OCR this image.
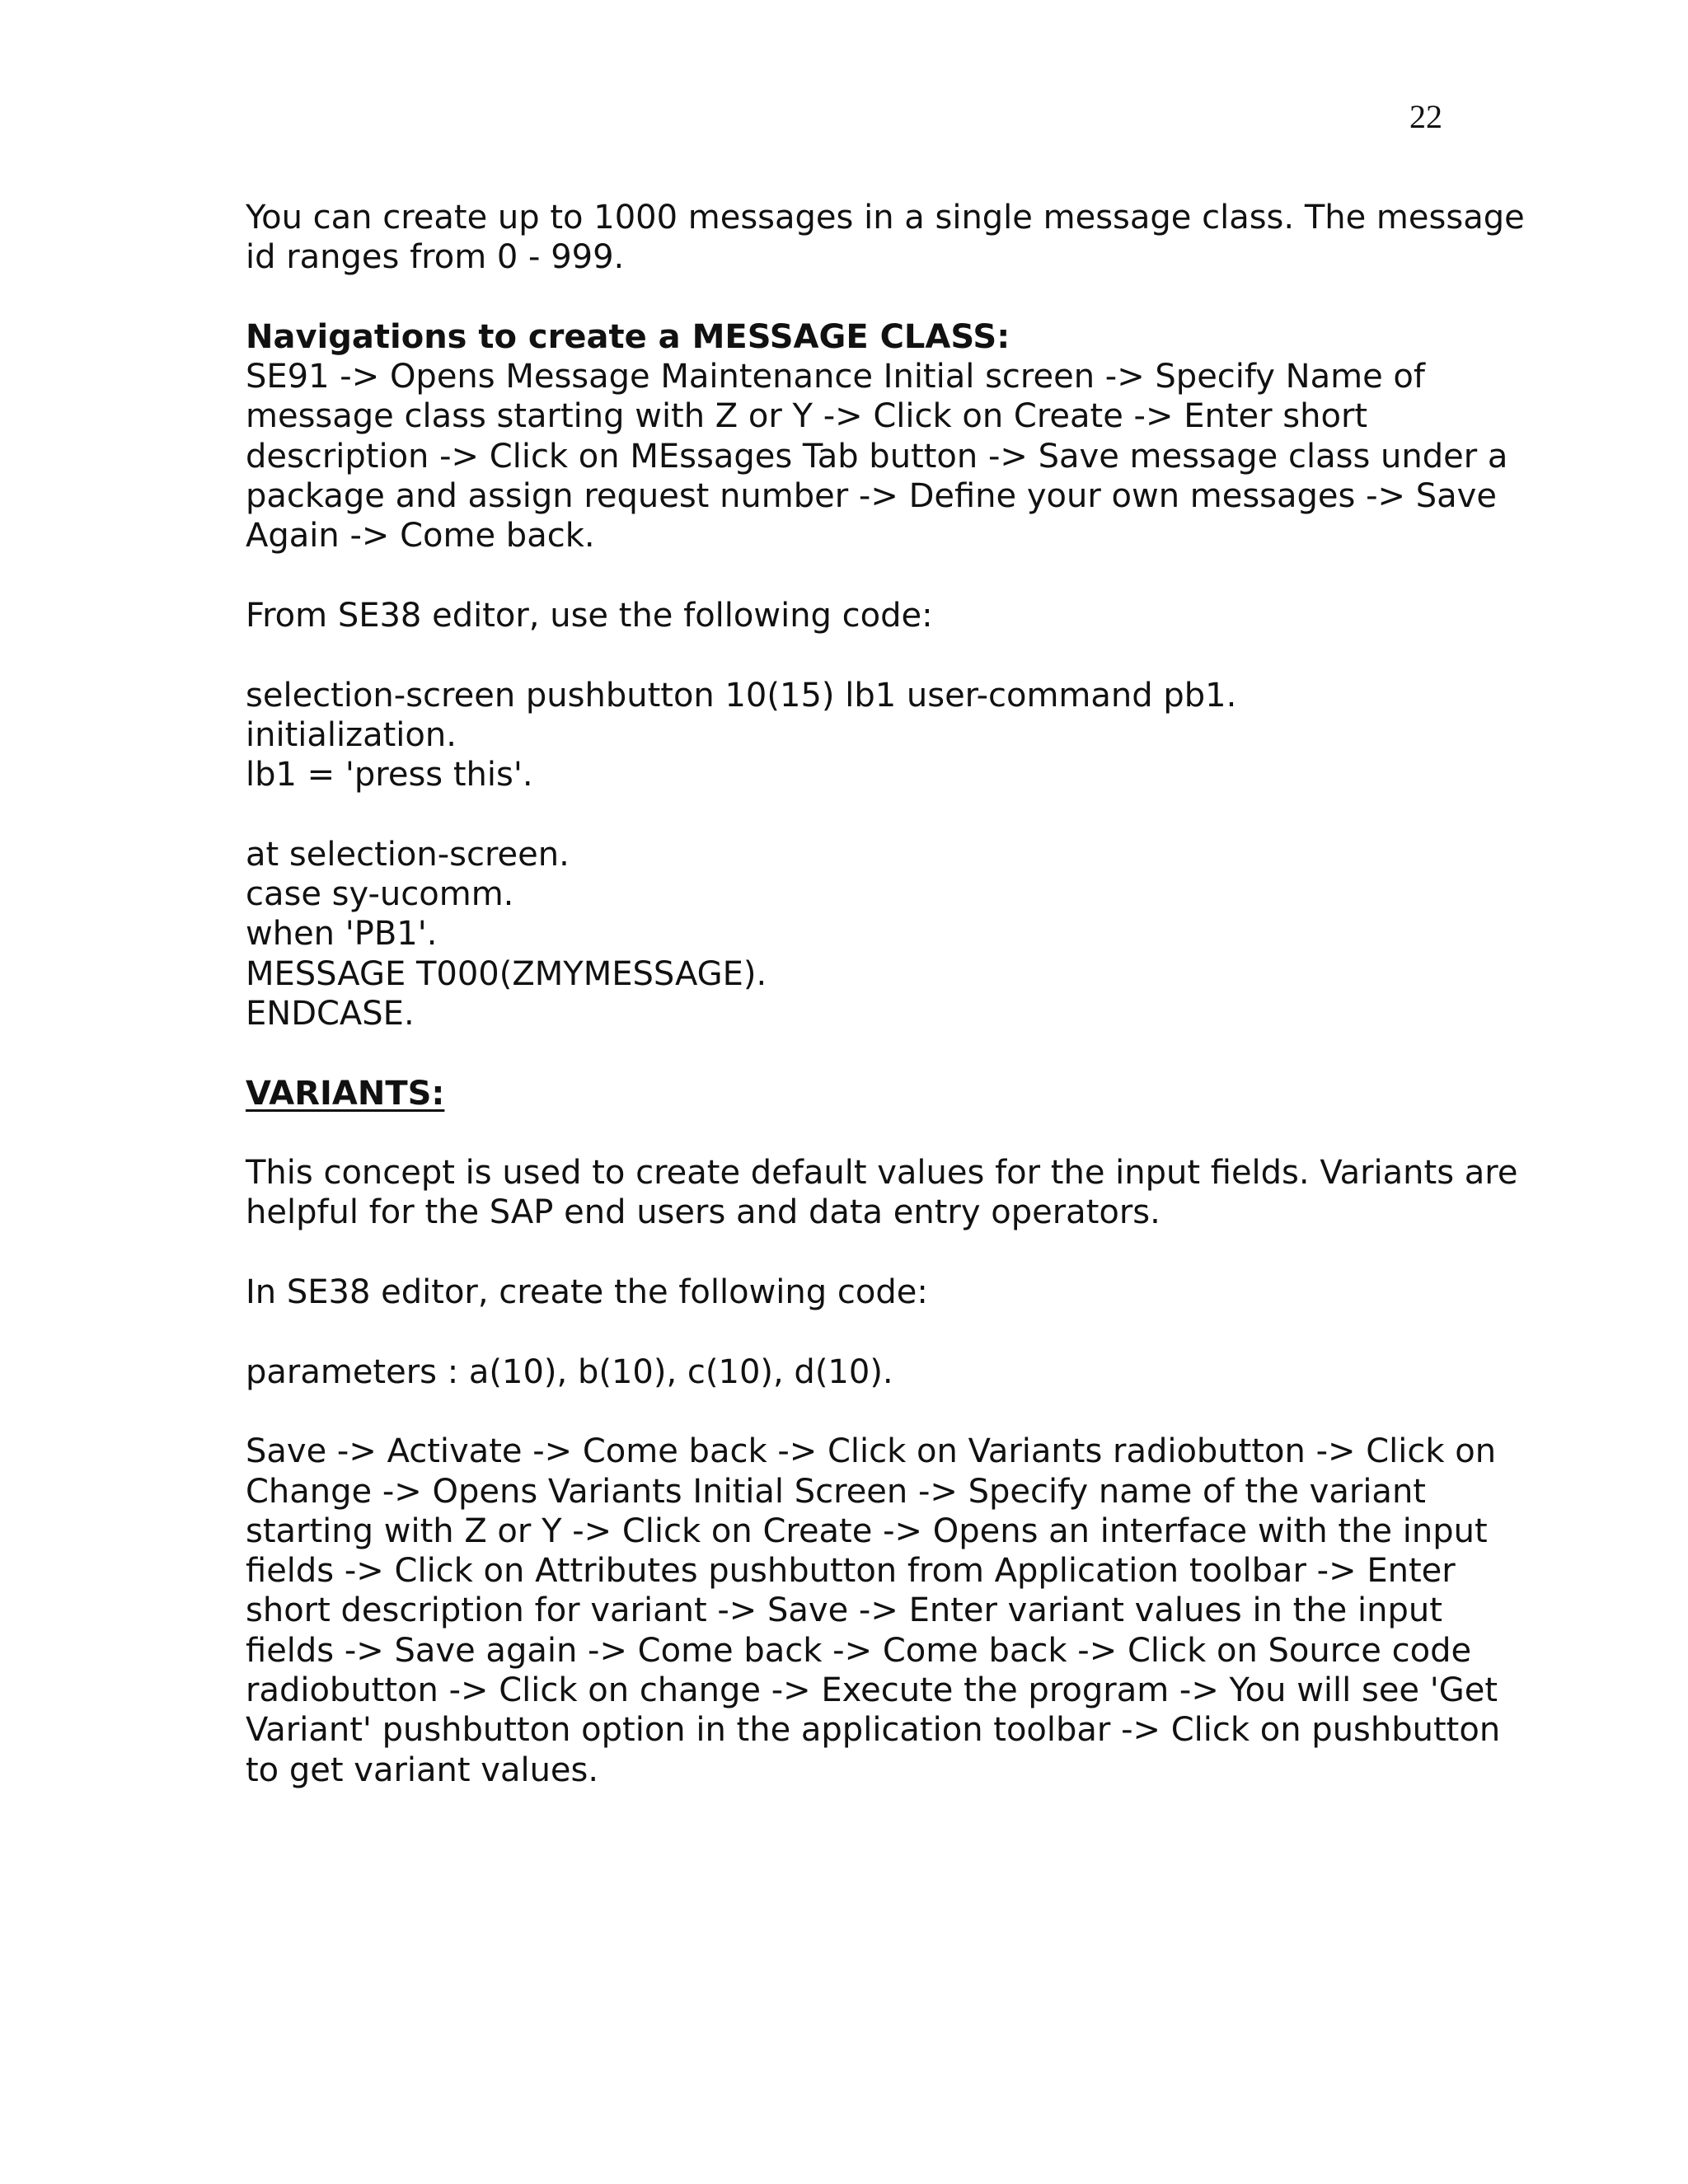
22

You can create up to 1000 messages in a single message class. The message
id ranges from 0 - 999.

Navigations to create a MESSAGE CLASS:

SE91 -> Opens Message Maintenance Initial screen -> Specify Name of
message class starting with Z or Y -> Click on Create -> Enter short
description -> Click on MEssages Tab button -> Save message class under a
package and assign request number -> Define your own messages -> Save
Again -> Come back.

From SE38 editor, use the following code:

selection-screen pushbutton 10(15) lb1 user-command pb1.

initialization.

lb1 = 'press this'.

at selection-screen.

case sy-ucomm.

when 'PB1'.

MESSAGE T000(ZMYMESSAGE).

ENDCASE.

VARIANTS:

This concept is used to create default values for the input fields. Variants are
helpful for the SAP end users and data entry operators.

In SE38 editor, create the following code:

parameters : a(10), b(10), c(10), d(10).

Save -> Activate -> Come back -> Click on Variants radiobutton -> Click on
Change -> Opens Variants Initial Screen -> Specify name of the variant
starting with Z or Y -> Click on Create -> Opens an interface with the input
fields -> Click on Attributes pushbutton from Application toolbar -> Enter
short description for variant -> Save -> Enter variant values in the input
fields -> Save again -> Come back -> Come back -> Click on Source code
radiobutton -> Click on change -> Execute the program -> You will see 'Get
Variant' pushbutton option in the application toolbar -> Click on pushbutton
to get variant values.
